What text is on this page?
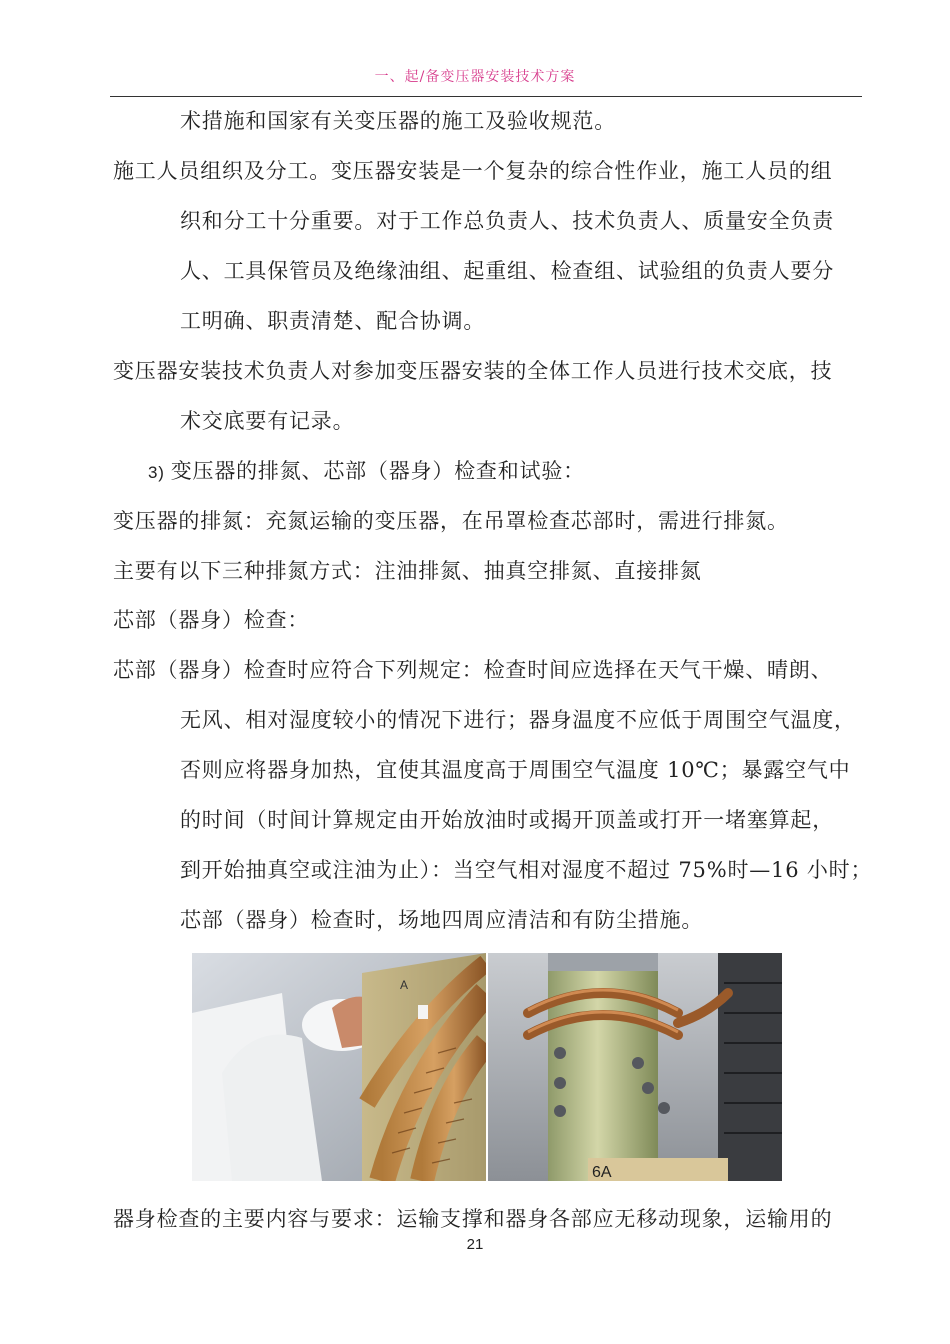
一、起/备变压器安装技术方案
术措施和国家有关变压器的施工及验收规范。
施工人员组织及分工。变压器安装是一个复杂的综合性作业，施工人员的组
织和分工十分重要。对于工作总负责人、技术负责人、质量安全负责
人、工具保管员及绝缘油组、起重组、检查组、试验组的负责人要分
工明确、职责清楚、配合协调。
变压器安装技术负责人对参加变压器安装的全体工作人员进行技术交底，技
术交底要有记录。
3) 变压器的排氮、芯部（器身）检查和试验：
变压器的排氮：充氮运输的变压器，在吊罩检查芯部时，需进行排氮。
主要有以下三种排氮方式：注油排氮、抽真空排氮、直接排氮
芯部（器身）检查：
芯部（器身）检查时应符合下列规定：检查时间应选择在天气干燥、晴朗、
无风、相对湿度较小的情况下进行；器身温度不应低于周围空气温度，
否则应将器身加热，宜使其温度高于周围空气温度 10℃；暴露空气中
的时间（时间计算规定由开始放油时或揭开顶盖或打开一堵塞算起，
到开始抽真空或注油为止）：当空气相对湿度不超过 75%时—16 小时；
芯部（器身）检查时，场地四周应清洁和有防尘措施。
A
6A
器身检查的主要内容与要求：运输支撑和器身各部应无移动现象，运输用的
21
